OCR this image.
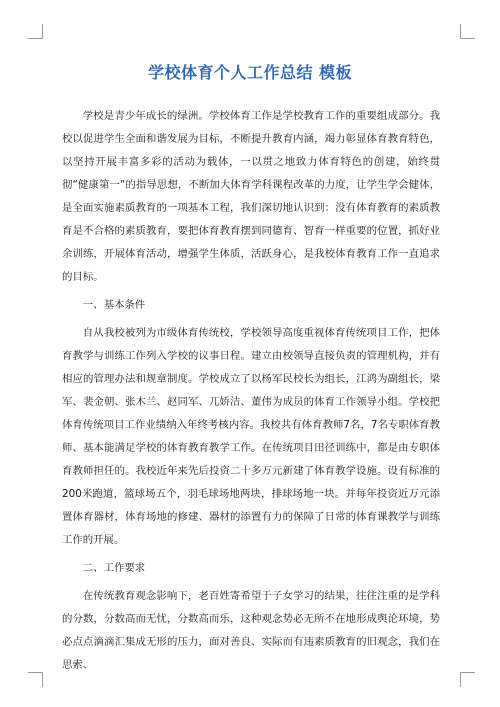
学校体育个人工作总结 模板

学校是青少年成长的绿洲。学校体育工作是学校教育工作的重要组成部分。我校以促进学生全面和谐发展为目标，不断提升教育内涵，竭力彰显体育教育特色，以坚持开展丰富多彩的活动为载体，一以贯之地致力体育特色的创建，始终贯彻“健康第一”的指导思想，不断加大体育学科课程改革的力度，让学生学会健体，是全面实施素质教育的一项基本工程，我们深切地认识到：没有体育教育的素质教育是不合格的素质教育，要把体育教育摆到同德育、智育一样重要的位置，抓好业余训练，开展体育活动，增强学生体质，活跃身心，是我校体育教育工作一直追求的目标。

一、基本条件

自从我校被列为市级体育传统校，学校领导高度重视体育传统项目工作，把体育教学与训练工作列入学校的议事日程。建立由校领导直接负责的管理机构，并有相应的管理办法和规章制度。学校成立了以杨军民校长为组长，江鸿为副组长，梁军、裴金朝、张木兰、赵同军、兀娇洁、董伟为成员的体育工作领导小组。学校把体育传统项目工作业绩纳入年终考核内容。我校共有体育教师7名，7名专职体育教师、基本能满足学校的体育教育教学工作。在传统项目田径训练中，都是由专职体育教师担任的。我校近年来先后投资二十多万元新建了体育教学设施。设有标准的200米跑道，篮球场五个，羽毛球场地两块，排球场地一块。并每年投资近万元添置体育器材，体育场地的修建、器材的添置有力的保障了日常的体育课教学与训练工作的开展。

二、工作要求

在传统教育观念影响下，老百姓寄希望于子女学习的结果，往往注重的是学科的分数，分数高而无忧，分数高而乐，这种观念势必无所不在地形成舆论环境，势必点点滴滴汇集成无形的压力，面对善良、实际而有违素质教育的旧观念，我们在思索、
